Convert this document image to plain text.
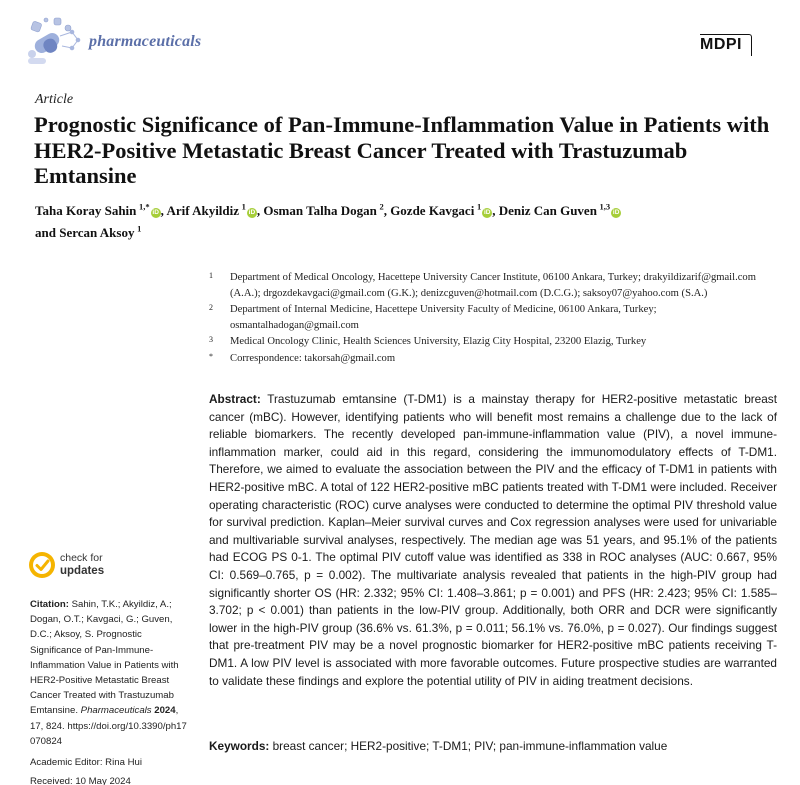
pharmaceuticals	MDPI
Article
Prognostic Significance of Pan-Immune-Inflammation Value in Patients with HER2-Positive Metastatic Breast Cancer Treated with Trastuzumab Emtansine
Taha Koray Sahin  $^{1,*}$iD , Arif Akyildiz  $^1$iD , Osman Talha Dogan  $^2$, Gozde Kavgaci  $^1$iD , Deniz Can Guven  $^{1,3}$iD
and Sercan Aksoy  $^1$
1 Department of Medical Oncology, Hacettepe University Cancer Institute, 06100 Ankara, Turkey; drakyildizarif@gmail.com (A.A.); drgozdekavgaci@gmail.com (G.K.); denizcguven@hotmail.com (D.C.G.); saksoy07@yahoo.com (S.A.)
2 Department of Internal Medicine, Hacettepe University Faculty of Medicine, 06100 Ankara, Turkey; osmantalhadogan@gmail.com
3 Medical Oncology Clinic, Health Sciences University, Elazig City Hospital, 23200 Elazig, Turkey
* Correspondence: takorsah@gmail.com
Abstract: Trastuzumab emtansine (T-DM1) is a mainstay therapy for HER2-positive metastatic breast cancer (mBC). However, identifying patients who will benefit most remains a challenge due to the lack of reliable biomarkers. The recently developed pan-immune-inflammation value (PIV), a novel immune-inflammation marker, could aid in this regard, considering the immunomodulatory effects of T-DM1. Therefore, we aimed to evaluate the association between the PIV and the efficacy of T-DM1 in patients with HER2-positive mBC. A total of 122 HER2-positive mBC patients treated with T-DM1 were included. Receiver operating characteristic (ROC) curve analyses were conducted to determine the optimal PIV threshold value for survival prediction. Kaplan–Meier survival curves and Cox regression analyses were used for univariable and multivariable survival analyses, respectively. The median age was 51 years, and 95.1% of the patients had ECOG PS 0-1. The optimal PIV cutoff value was identified as 338 in ROC analyses (AUC: 0.667, 95% CI: 0.569–0.765, p = 0.002). The multivariate analysis revealed that patients in the high-PIV group had significantly shorter OS (HR: 2.332; 95% CI: 1.408–3.861; p = 0.001) and PFS (HR: 2.423; 95% CI: 1.585–3.702; p < 0.001) than patients in the low-PIV group. Additionally, both ORR and DCR were significantly lower in the high-PIV group (36.6% vs. 61.3%, p = 0.011; 56.1% vs. 76.0%, p = 0.027). Our findings suggest that pre-treatment PIV may be a novel prognostic biomarker for HER2-positive mBC patients receiving T-DM1. A low PIV level is associated with more favorable outcomes. Future prospective studies are warranted to validate these findings and explore the potential utility of PIV in aiding treatment decisions.
Keywords: breast cancer; HER2-positive; T-DM1; PIV; pan-immune-inflammation value
check for
updates
Citation: Sahin, T.K.; Akyildiz, A.; Dogan, O.T.; Kavgaci, G.; Guven, D.C.; Aksoy, S. Prognostic Significance of Pan-Immune-Inflammation Value in Patients with HER2-Positive Metastatic Breast Cancer Treated with Trastuzumab Emtansine. Pharmaceuticals 2024, 17, 824. https://doi.org/10.3390/ph17070824
Academic Editor: Rina Hui
Received: 10 May 2024
